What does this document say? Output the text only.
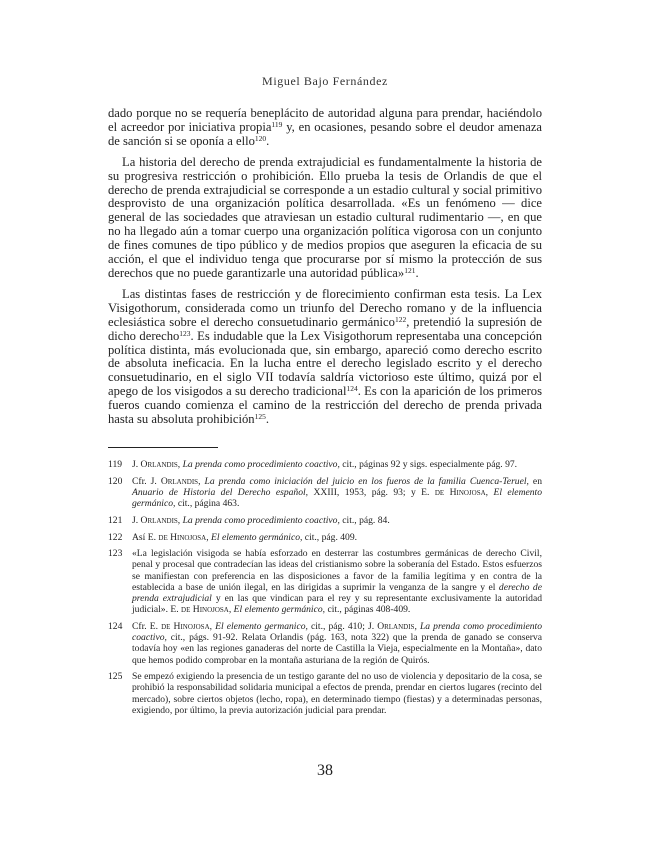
Miguel Bajo Fernández

dado porque no se requería beneplácito de autoridad alguna para prendar, haciéndolo el acreedor por iniciativa propia$^{119}$ y, en ocasiones, pesando sobre el deudor amenaza de sanción si se oponía a ello$^{120}$.

La historia del derecho de prenda extrajudicial es fundamentalmente la historia de su progresiva restricción o prohibición. Ello prueba la tesis de Orlandis de que el derecho de prenda extrajudicial se corresponde a un estadio cultural y social primitivo desprovisto de una organización política desarrollada. «Es un fenómeno — dice general de las sociedades que atraviesan un estadio cultural rudimentario —, en que no ha llegado aún a tomar cuerpo una organización política vigorosa con un conjunto de fines comunes de tipo público y de medios propios que aseguren la eficacia de su acción, el que el individuo tenga que procurarse por sí mismo la protección de sus derechos que no puede garantizarle una autoridad pública»$^{121}$.

Las distintas fases de restricción y de florecimiento confirman esta tesis. La Lex Visigothorum, considerada como un triunfo del Derecho romano y de la influencia eclesiástica sobre el derecho consuetudinario germánico$^{122}$, pretendió la supresión de dicho derecho$^{123}$. Es indudable que la Lex Visigothorum representaba una concepción política distinta, más evolucionada que, sin embargo, apareció como derecho escrito de absoluta ineficacia. En la lucha entre el derecho legislado escrito y el derecho consuetudinario, en el siglo VII todavía saldría victorioso este último, quizá por el apego de los visigodos a su derecho tradicional$^{124}$. Es con la aparición de los primeros fueros cuando comienza el camino de la restricción del derecho de prenda privada hasta su absoluta prohibición$^{125}$.

119	J. Orlandis, La prenda como procedimiento coactivo, cit., páginas 92 y sigs. especialmente pág. 97.
120	Cfr. J. Orlandis, La prenda como iniciación del juicio en los fueros de la familia Cuenca-Teruel, en Anuario de Historia del Derecho español, XXIII, 1953, pág. 93; y E. de Hinojosa, El elemento germánico, cit., página 463.
121	J. Orlandis, La prenda como procedimiento coactivo, cit., pág. 84.
122	Así E. de Hinojosa, El elemento germánico, cit., pág. 409.
123	«La legislación visigoda se había esforzado en desterrar las costumbres germánicas de derecho Civil, penal y procesal que contradecían las ideas del cristianismo sobre la soberanía del Estado. Estos esfuerzos se manifiestan con preferencia en las disposiciones a favor de la familia legítima y en contra de la establecida a base de unión ilegal, en las dirigidas a suprimir la venganza de la sangre y el derecho de prenda extrajudicial y en las que vindican para el rey y su representante exclusivamente la autoridad judicial». E. de Hinojosa, El elemento germánico, cit., páginas 408-409.
124	Cfr. E. de Hinojosa, El elemento germanico, cit., pág. 410; J. Orlandis, La prenda como procedimiento coactivo, cit., págs. 91-92. Relata Orlandis (pág. 163, nota 322) que la prenda de ganado se conserva todavía hoy «en las regiones ganaderas del norte de Castilla la Vieja, especialmente en la Montaña», dato que hemos podido comprobar en la montaña asturiana de la región de Quirós.
125	Se empezó exigiendo la presencia de un testigo garante del no uso de violencia y depositario de la cosa, se prohibió la responsabilidad solidaria municipal a efectos de prenda, prendar en ciertos lugares (recinto del mercado), sobre ciertos objetos (lecho, ropa), en determinado tiempo (fiestas) y a determinadas personas, exigiendo, por último, la previa autorización judicial para prendar.
38
